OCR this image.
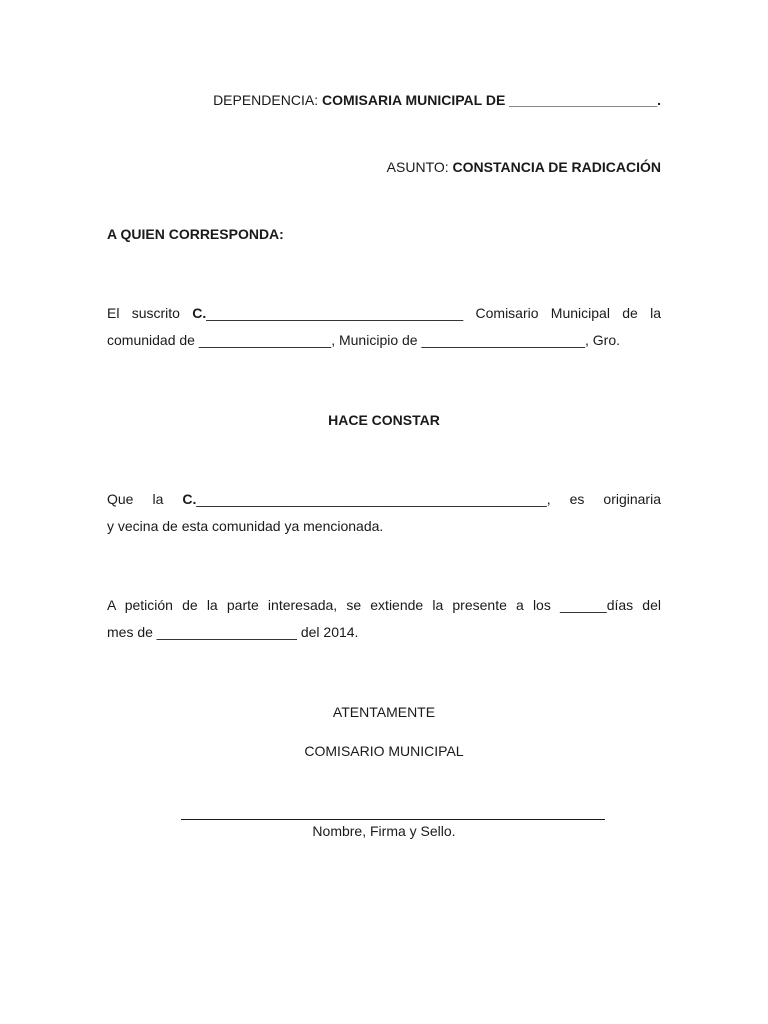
DEPENDENCIA: COMISARIA MUNICIPAL DE ___________________.
ASUNTO: CONSTANCIA DE RADICACIÓN
A QUIEN CORRESPONDA:
El suscrito C._________________________________ Comisario Municipal de la
comunidad de _________________, Municipio de _____________________, Gro.
HACE CONSTAR
Que la C._____________________________________________, es originaria
y vecina de esta comunidad ya mencionada.
A petición de la parte interesada, se extiende la presente a los ______días del
mes de __________________ del 2014.
ATENTAMENTE
COMISARIO MUNICIPAL
Nombre, Firma y Sello.
